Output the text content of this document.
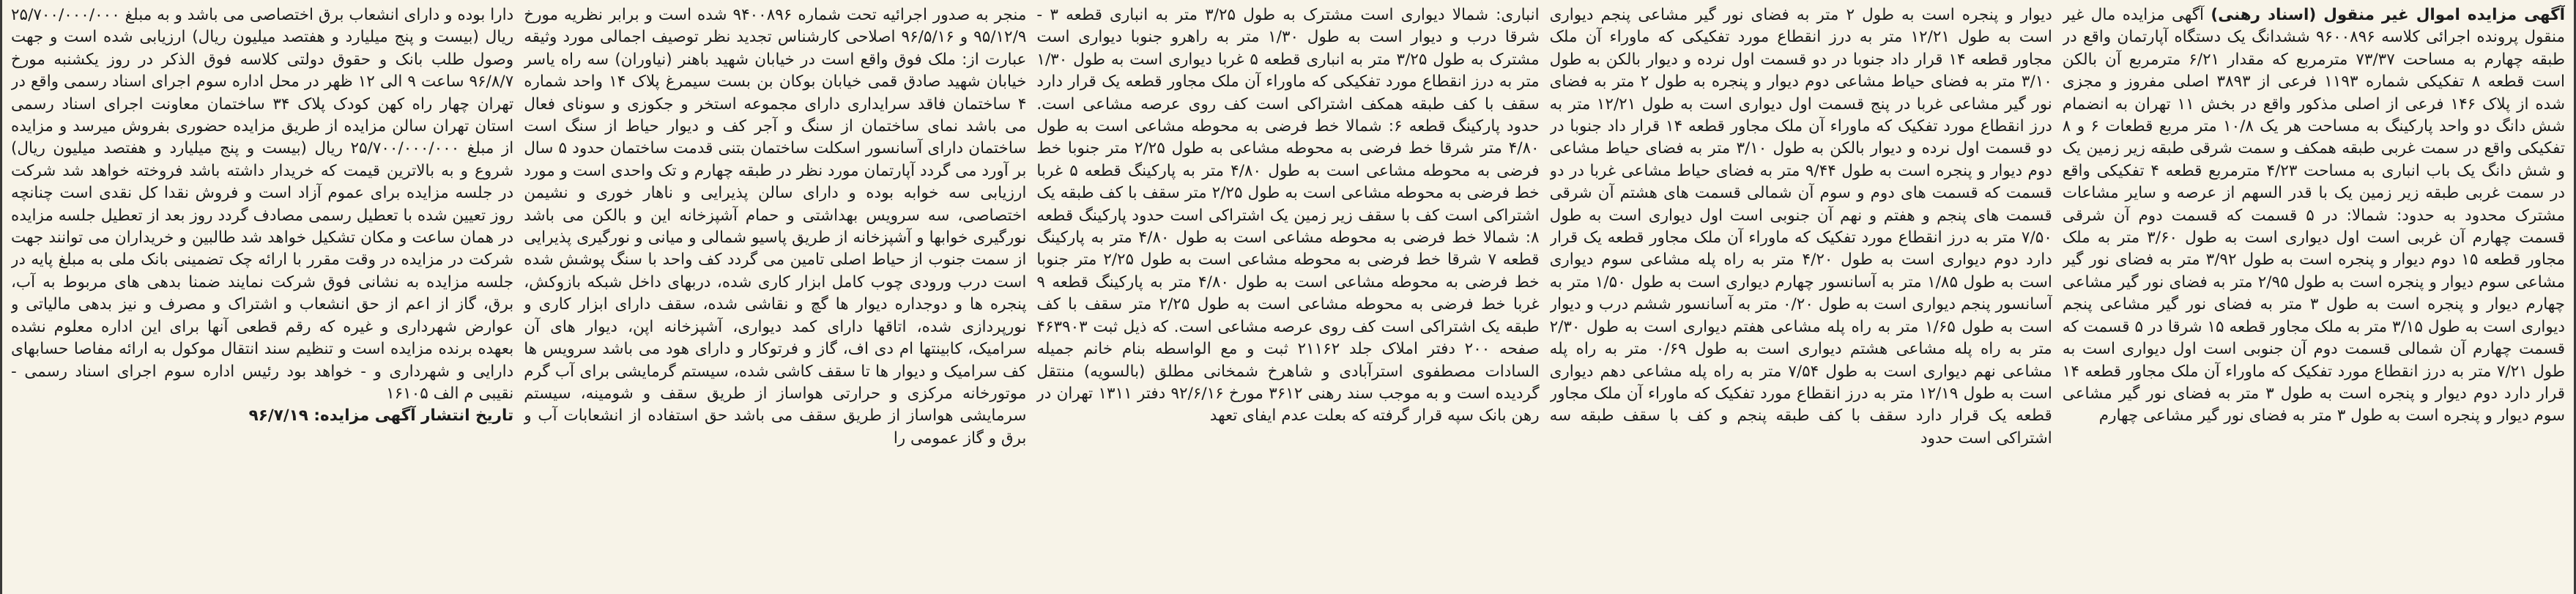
آگهی مزایده اموال غیر منقول (اسناد رهنی) آگهی مزایده مال غیر منقول پرونده اجرائی کلاسه ۹۶۰۰۸۹۶ ششدانگ یک دستگاه آپارتمان واقع در طبقه چهارم به مساحت ۷۳/۳۷ مترمربع که مقدار ۶/۲۱ مترمربع آن بالکن است قطعه ۸ تفکیکی شماره ۱۱۹۳ فرعی از ۳۸۹۳ اصلی مفروز و مجزی شده از پلاک ۱۴۶ فرعی از اصلی مذکور واقع در بخش ۱۱ تهران به انضمام شش دانگ دو واحد پارکینگ به مساحت هر یک ۱۰/۸ متر مربع قطعات ۶ و ۸ تفکیکی واقع در سمت غربی طبقه همکف و سمت شرقی طبقه زیر زمین یک و شش دانگ یک باب انباری به مساحت ۴/۲۳ مترمربع قطعه ۴ تفکیکی واقع در سمت غربی طبقه زیر زمین یک با قدر السهم از عرصه و سایر مشاعات مشترک محدود به حدود: شمالا: در ۵ قسمت که قسمت دوم آن شرقی قسمت چهارم آن غربی است اول دیواری است به طول ۳/۶۰ متر به ملک مجاور قطعه ۱۵ دوم دیوار و پنجره است به طول ۳/۹۲ متر به فضای نور گیر مشاعی سوم دیوار و پنجره است به طول ۲/۹۵ متر به فضای نور گیر مشاعی چهارم دیوار و پنجره است به طول ۳ متر به فضای نور گیر مشاعی پنجم دیواری است به طول ۳/۱۵ متر به ملک مجاور قطعه ۱۵ شرقا در ۵ قسمت که قسمت چهارم آن شمالی قسمت دوم آن جنوبی است اول دیواری است به طول ۷/۲۱ متر به درز انقطاع مورد تفکیک که ماوراء آن ملک مجاور قطعه ۱۴ قرار دارد دوم دیوار و پنجره است به طول ۳ متر به فضای نور گیر مشاعی سوم دیوار و پنجره است به طول ۳ متر به فضای نور گیر مشاعی چهارم

دیوار و پنجره است به طول ۲ متر به فضای نور گیر مشاعی پنجم دیواری است به طول ۱۲/۲۱ متر به درز انقطاع مورد تفکیکی که ماوراء آن ملک مجاور قطعه ۱۴ قرار داد جنوبا در دو قسمت اول نرده و دیوار بالکن به طول ۳/۱۰ متر به فضای حیاط مشاعی دوم دیوار و پنجره به طول ۲ متر به فضای نور گیر مشاعی غربا در پنج قسمت اول دیواری است به طول ۱۲/۲۱ متر به درز انقطاع مورد تفکیک که ماوراء آن ملک مجاور قطعه ۱۴ قرار داد جنوبا در دو قسمت اول نرده و دیوار بالکن به طول ۳/۱۰ متر به فضای حیاط مشاعی دوم دیوار و پنجره است به طول ۹/۴۴ متر به فضای حیاط مشاعی غربا در دو قسمت که قسمت های دوم و سوم آن شمالی قسمت های هشتم آن شرقی قسمت های پنجم و هفتم و نهم آن جنوبی است اول دیواری است به طول ۷/۵۰ متر به درز انقطاع مورد تفکیک که ماوراء آن ملک مجاور قطعه یک قرار دارد دوم دیواری است به طول ۴/۲۰ متر به راه پله مشاعی سوم دیواری است به طول ۱/۸۵ متر به آسانسور چهارم دیواری است به طول ۱/۵۰ متر به آسانسور پنجم دیواری است به طول ۰/۲۰ متر به آسانسور ششم درب و دیوار است به طول ۱/۶۵ متر به راه پله مشاعی هفتم دیواری است به طول ۲/۳۰ متر به راه پله مشاعی هشتم دیواری است به طول ۰/۶۹ متر به راه پله مشاعی نهم دیواری است به طول ۷/۵۴ متر به راه پله مشاعی دهم دیواری است به طول ۱۲/۱۹ متر به درز انقطاع مورد تفکیک که ماوراء آن ملک مجاور قطعه یک قرار دارد سقف با کف طبقه پنجم و کف با سقف طبقه سه اشتراکی است حدود

انباری: شمالا دیواری است مشترک به طول ۳/۲۵ متر به انباری قطعه ۳ - شرقا درب و دیوار است به طول ۱/۳۰ متر به راهرو جنوبا دیواری است مشترک به طول ۳/۲۵ متر به انباری قطعه ۵ غربا دیواری است به طول ۱/۳۰ متر به درز انقطاع مورد تفکیکی که ماوراء آن ملک مجاور قطعه یک قرار دارد سقف با کف طبقه همکف اشتراکی است کف روی عرصه مشاعی است. حدود پارکینگ قطعه ۶: شمالا خط فرضی به محوطه مشاعی است به طول ۴/۸۰ متر شرقا خط فرضی به محوطه مشاعی به طول ۲/۲۵ متر جنوبا خط فرضی به محوطه مشاعی است به طول ۴/۸۰ متر به پارکینگ قطعه ۵ غربا خط فرضی به محوطه مشاعی است به طول ۲/۲۵ متر سقف با کف طبقه یک اشتراکی است کف با سقف زیر زمین یک اشتراکی است حدود پارکینگ قطعه ۸: شمالا خط فرضی به محوطه مشاعی است به طول ۴/۸۰ متر به پارکینگ قطعه ۷ شرقا خط فرضی به محوطه مشاعی است به طول ۲/۲۵ متر جنوبا خط فرضی به محوطه مشاعی است به طول ۴/۸۰ متر به پارکینگ قطعه ۹ غربا خط فرضی به محوطه مشاعی است به طول ۲/۲۵ متر سقف با کف طبقه یک اشتراکی است کف روی عرصه مشاعی است. که ذیل ثبت ۴۶۳۹۰۳ صفحه ۲۰۰ دفتر املاک جلد ۲۱۱۶۲ ثبت و مع الواسطه بنام خانم جمیله السادات مصطفوی استرآبادی و شاهرخ شمخانی مطلق (بالسویه) منتقل گردیده است و به موجب سند رهنی ۳۶۱۲ مورخ ۹۲/۶/۱۶ دفتر ۱۳۱۱ تهران در رهن بانک سپه قرار گرفته که بعلت عدم ایفای تعهد

منجر به صدور اجرائیه تحت شماره ۹۴۰۰۸۹۶ شده است و برابر نظریه مورخ ۹۵/۱۲/۹ و ۹۶/۵/۱۶ اصلاحی کارشناس تجدید نظر توصیف اجمالی مورد وثیقه عبارت از: ملک فوق واقع است در خیابان شهید باهنر (نیاوران) سه راه یاسر خیابان شهید صادق قمی خیابان بوکان بن بست سیمرغ پلاک ۱۴ واحد شماره ۴ ساختمان فاقد سرایداری دارای مجموعه استخر و جکوزی و سونای فعال می باشد نمای ساختمان از سنگ و آجر کف و دیوار حیاط از سنگ است ساختمان دارای آسانسور اسکلت ساختمان بتنی قدمت ساختمان حدود ۵ سال بر آورد می گردد آپارتمان مورد نظر در طبقه چهارم و تک واحدی است و مورد ارزیابی سه خوابه بوده و دارای سالن پذیرایی و ناهار خوری و نشیمن اختصاصی، سه سرویس بهداشتی و حمام آشپزخانه این و بالکن می باشد نورگیری خوابها و آشپزخانه از طریق پاسیو شمالی و میانی و نورگیری پذیرایی از سمت جنوب از حیاط اصلی تامین می گردد کف واحد با سنگ پوشش شده است درب ورودی چوب کامل ابزار کاری شده، دربهای داخل شبکه بازوکش، پنجره ها و دوجداره دیوار ها گچ و نقاشی شده، سقف دارای ابزار کاری و نورپردازی شده، اتاقها دارای کمد دیواری، آشپزخانه اپن، دیوار های آن سرامیک، کابینتها ام دی اف، گاز و فرتوکار و دارای هود می باشد سرویس ها کف سرامیک و دیوار ها تا سقف کاشی شده، سیستم گرمایشی برای آب گرم موتورخانه مرکزی و حرارتی هواساز از طریق سقف و شومینه، سیستم سرمایشی هواساز از طریق سقف می باشد حق استفاده از انشعابات آب و برق و گاز عمومی را

دارا بوده و دارای انشعاب برق اختصاصی می باشد و به مبلغ ۲۵/۷۰۰/۰۰۰/۰۰۰ ریال (بیست و پنج میلیارد و هفتصد میلیون ریال) ارزیابی شده است و جهت وصول طلب بانک و حقوق دولتی کلاسه فوق الذکر در روز یکشنبه مورخ ۹۶/۸/۷ ساعت ۹ الی ۱۲ ظهر در محل اداره سوم اجرای اسناد رسمی واقع در تهران چهار راه کهن کودک پلاک ۳۴ ساختمان معاونت اجرای اسناد رسمی استان تهران سالن مزایده از طریق مزایده حضوری بفروش میرسد و مزایده از مبلغ ۲۵/۷۰۰/۰۰۰/۰۰۰ ریال (بیست و پنج میلیارد و هفتصد میلیون ریال) شروع و به بالاترین قیمت که خریدار داشته باشد فروخته خواهد شد شرکت در جلسه مزایده برای عموم آزاد است و فروش نقدا کل نقدی است چنانچه روز تعیین شده با تعطیل رسمی مصادف گردد روز بعد از تعطیل جلسه مزایده در همان ساعت و مکان تشکیل خواهد شد طالبین و خریداران می توانند جهت شرکت در مزایده در وقت مقرر با ارائه چک تضمینی بانک ملی به مبلغ پایه در جلسه مزایده به نشانی فوق شرکت نمایند ضمنا بدهی های مربوط به آب، برق، گاز از اعم از حق انشعاب و اشتراک و مصرف و نیز بدهی مالیاتی و عوارض شهرداری و غیره که رقم قطعی آنها برای این اداره معلوم نشده بعهده برنده مزایده است و تنظیم سند انتقال موکول به ارائه مفاصا حسابهای دارایی و شهرداری و - خواهد بود رئیس اداره سوم اجرای اسناد رسمی - نقیبی م الف ۱۶۱۰۵

تاریخ انتشار آگهی مزایده: ۹۶/۷/۱۹
